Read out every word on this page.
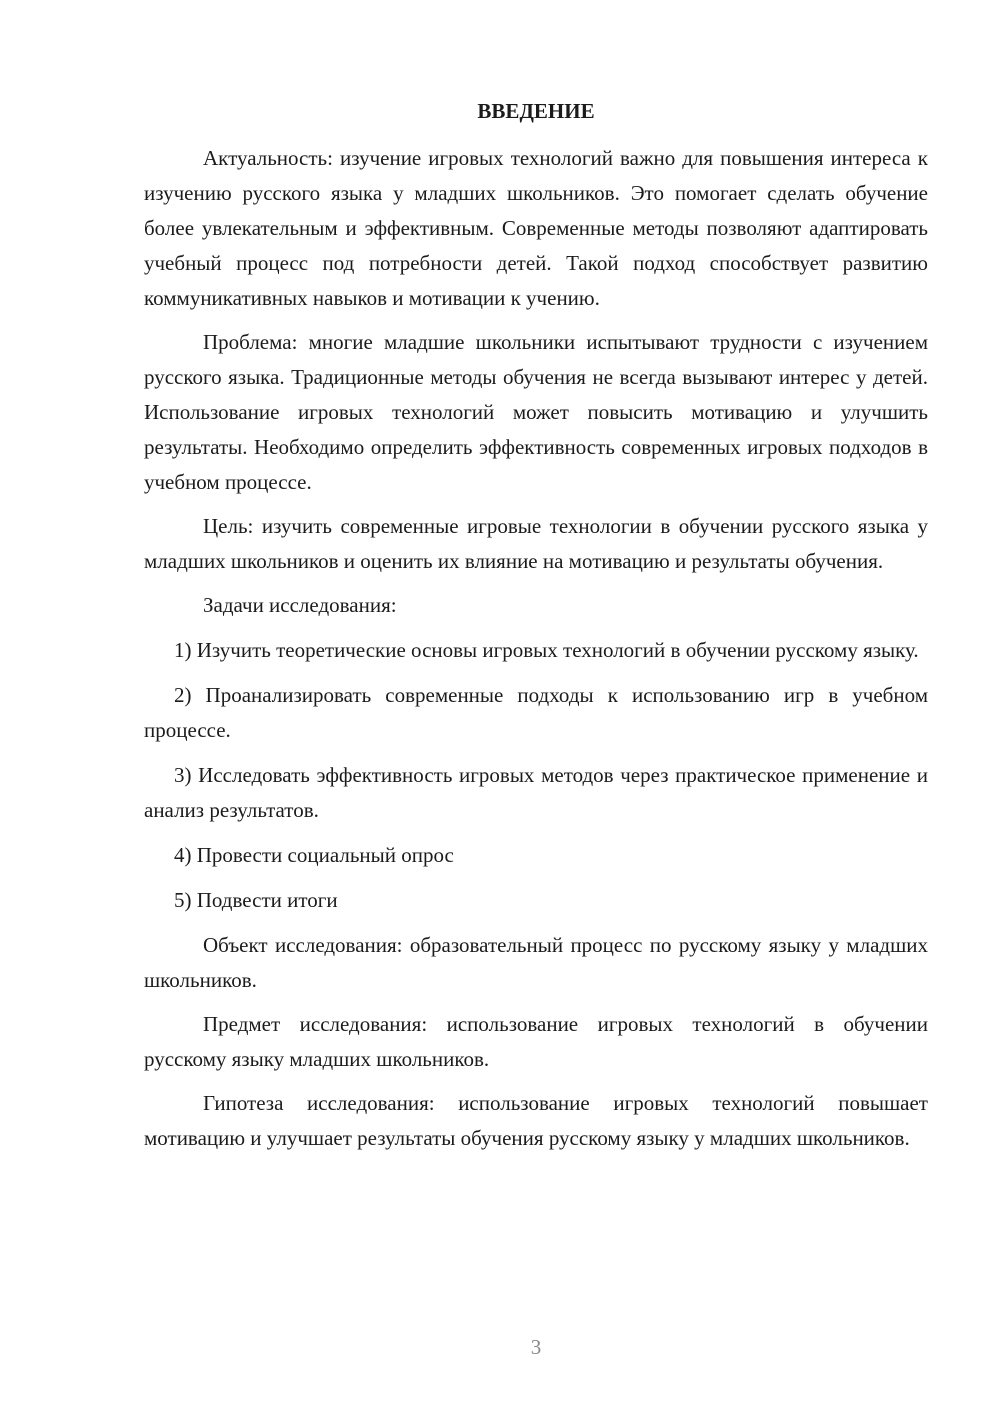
ВВЕДЕНИЕ

Актуальность: изучение игровых технологий важно для повышения интереса к изучению русского языка у младших школьников. Это помогает сделать обучение более увлекательным и эффективным. Современные методы позволяют адаптировать учебный процесс под потребности детей. Такой подход способствует развитию коммуникативных навыков и мотивации к учению.

Проблема: многие младшие школьники испытывают трудности с изучением русского языка. Традиционные методы обучения не всегда вызывают интерес у детей. Использование игровых технологий может повысить мотивацию и улучшить результаты. Необходимо определить эффективность современных игровых подходов в учебном процессе.

Цель: изучить современные игровые технологии в обучении русского языка у младших школьников и оценить их влияние на мотивацию и результаты обучения.

Задачи исследования:

1) Изучить теоретические основы игровых технологий в обучении русскому языку.

2) Проанализировать современные подходы к использованию игр в учебном процессе.

3) Исследовать эффективность игровых методов через практическое применение и анализ результатов.

4) Провести социальный опрос

5) Подвести итоги

Объект исследования: образовательный процесс по русскому языку у младших школьников.

Предмет исследования: использование игровых технологий в обучении русскому языку младших школьников.

Гипотеза исследования: использование игровых технологий повышает мотивацию и улучшает результаты обучения русскому языку у младших школьников.

3
